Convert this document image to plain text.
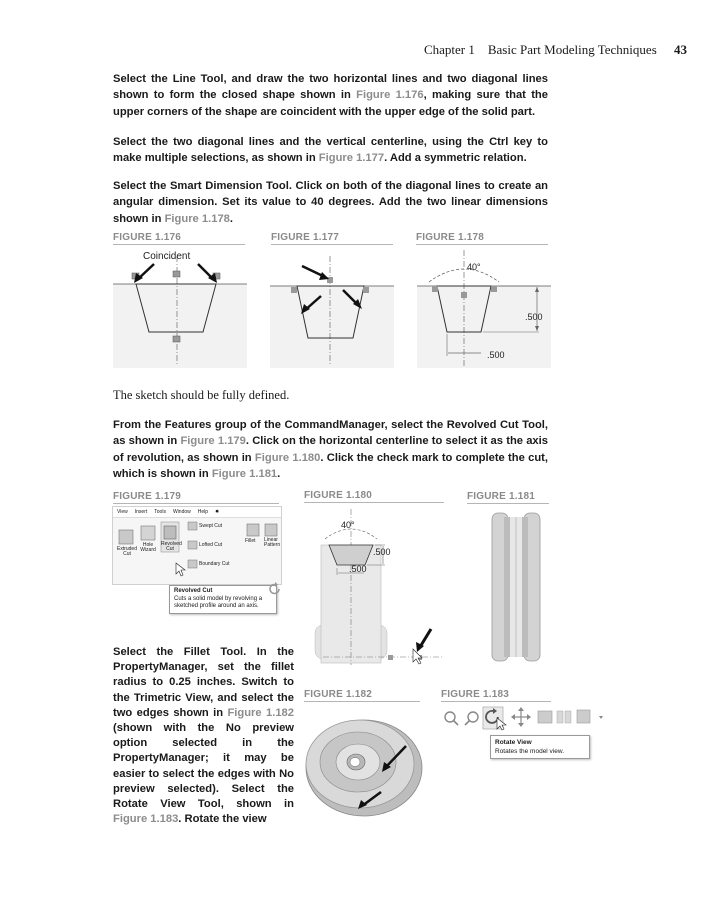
Chapter 1 Basic Part Modeling Techniques 43

Select the Line Tool, and draw the two horizontal lines and two diagonal lines shown to form the closed shape shown in Figure 1.176, making sure that the upper corners of the shape are coincident with the upper edge of the solid part.

Select the two diagonal lines and the vertical centerline, using the Ctrl key to make multiple selections, as shown in Figure 1.177. Add a symmetric relation.

Select the Smart Dimension Tool. Click on both of the diagonal lines to create an angular dimension. Set its value to 40 degrees. Add the two linear dimensions shown in Figure 1.178.

FIGURE 1.176	FIGURE 1.177	FIGURE 1.178
Coincident
40°
.500
.500
The sketch should be fully defined.

From the Features group of the CommandManager, select the Revolved Cut Tool, as shown in Figure 1.179. Click on the horizontal centerline to select it as the axis of revolution, as shown in Figure 1.180. Click the check mark to complete the cut, which is shown in Figure 1.181.

FIGURE 1.179	FIGURE 1.180	FIGURE 1.181
View Insert Tools Window Help ✸
Extruded Cut
Hole Wizard
Revolved Cut
Swept Cut
Lofted Cut
Boundary Cut
Fillet Linear Pattern
Revolved Cut
Cuts a solid model by revolving a sketched profile around an axis.
40°
.500
.500

Select the Fillet Tool. In the PropertyManager, set the fillet radius to 0.25 inches. Switch to the Trimetric View, and select the two edges shown in Figure 1.182 (shown with the No preview option selected in the PropertyManager; it may be easier to select the edges with No preview selected). Select the Rotate View Tool, shown in Figure 1.183. Rotate the view

FIGURE 1.182	FIGURE 1.183
Rotate View
Rotates the model view.
